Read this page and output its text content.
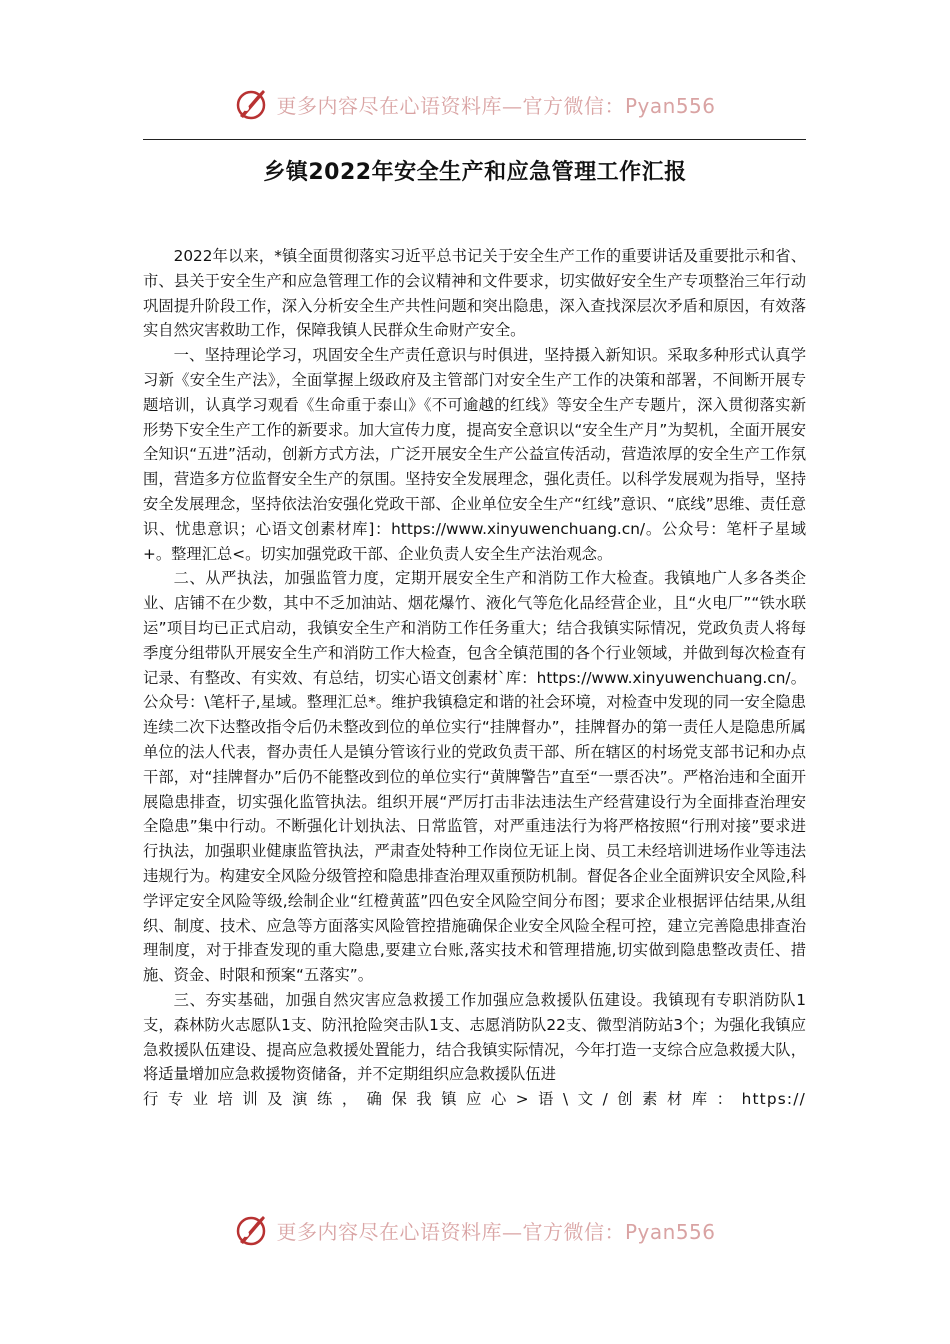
更多内容尽在心语资料库—官方微信：Pyan556
乡镇2022年安全生产和应急管理工作汇报

2022年以来，*镇全面贯彻落实习近平总书记关于安全生产工作的重要讲话及重要批示和省、市、县关于安全生产和应急管理工作的会议精神和文件要求，切实做好安全生产专项整治三年行动巩固提升阶段工作，深入分析安全生产共性问题和突出隐患，深入查找深层次矛盾和原因，有效落实自然灾害救助工作，保障我镇人民群众生命财产安全。

一、坚持理论学习，巩固安全生产责任意识与时俱进，坚持摄入新知识。采取多种形式认真学习新《安全生产法》，全面掌握上级政府及主管部门对安全生产工作的决策和部署，不间断开展专题培训，认真学习观看《生命重于泰山》《不可逾越的红线》等安全生产专题片，深入贯彻落实新形势下安全生产工作的新要求。加大宣传力度，提高安全意识以“安全生产月”为契机，全面开展安全知识“五进”活动，创新方式方法，广泛开展安全生产公益宣传活动，营造浓厚的安全生产工作氛围，营造多方位监督安全生产的氛围。坚持安全发展理念，强化责任。以科学发展观为指导，坚持安全发展理念，坚持依法治安强化党政干部、企业单位安全生产“红线”意识、“底线”思维、责任意识、忧患意识；心语文创素材库]：https://www.xinyuwenchuang.cn/。公众号：笔杆子星域+。整理汇总<。切实加强党政干部、企业负责人安全生产法治观念。

二、从严执法，加强监管力度，定期开展安全生产和消防工作大检查。我镇地广人多各类企业、店铺不在少数，其中不乏加油站、烟花爆竹、液化气等危化品经营企业，且“火电厂”“铁水联运”项目均已正式启动，我镇安全生产和消防工作任务重大；结合我镇实际情况，党政负责人将每季度分组带队开展安全生产和消防工作大检查，包含全镇范围的各个行业领域，并做到每次检查有记录、有整改、有实效、有总结，切实心语文创素材`库：https://www.xinyuwenchuang.cn/。公众号：\笔杆子,星域。整理汇总*。维护我镇稳定和谐的社会环境，对检查中发现的同一安全隐患连续二次下达整改指令后仍未整改到位的单位实行“挂牌督办”，挂牌督办的第一责任人是隐患所属单位的法人代表，督办责任人是镇分管该行业的党政负责干部、所在辖区的村场党支部书记和办点干部，对“挂牌督办”后仍不能整改到位的单位实行“黄牌警告”直至“一票否决”。严格治违和全面开展隐患排查，切实强化监管执法。组织开展“严厉打击非法违法生产经营建设行为全面排查治理安全隐患”集中行动。不断强化计划执法、日常监管，对严重违法行为将严格按照“行刑对接”要求进行执法，加强职业健康监管执法，严肃查处特种工作岗位无证上岗、员工未经培训进场作业等违法违规行为。构建安全风险分级管控和隐患排查治理双重预防机制。督促各企业全面辨识安全风险,科学评定安全风险等级,绘制企业“红橙黄蓝”四色安全风险空间分布图；要求企业根据评估结果,从组织、制度、技术、应急等方面落实风险管控措施确保企业安全风险全程可控，建立完善隐患排查治理制度，对于排查发现的重大隐患,要建立台账,落实技术和管理措施,切实做到隐患整改责任、措施、资金、时限和预案“五落实”。

三、夯实基础，加强自然灾害应急救援工作加强应急救援队伍建设。我镇现有专职消防队1支，森林防火志愿队1支、防汛抢险突击队1支、志愿消防队22支、微型消防站3个；为强化我镇应急救援队伍建设、提高应急救援处置能力，结合我镇实际情况，今年打造一支综合应急救援大队，将适量增加应急救援物资储备，并不定期组织应急救援队伍进

行专业培训及演练，确保我镇应心>语\文/创素材库：https://

更多内容尽在心语资料库—官方微信：Pyan556
